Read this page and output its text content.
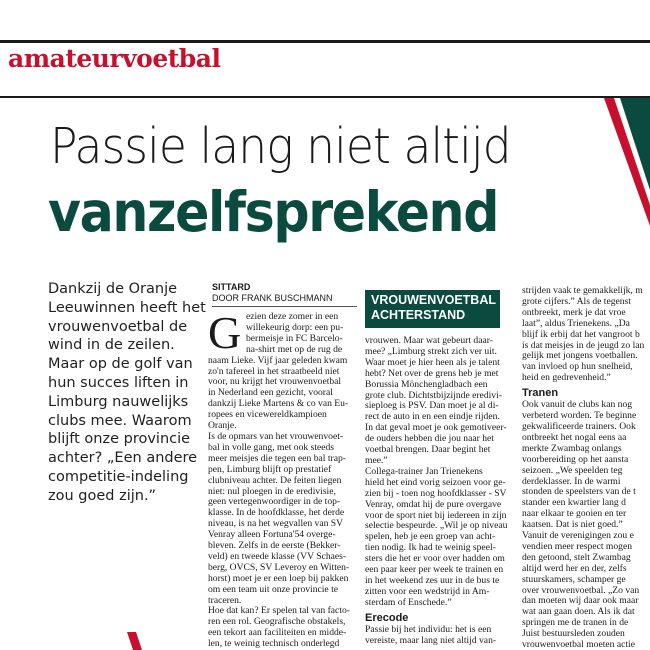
amateurvoetbal
Passie lang niet altijd
vanzelfsprekend
Dankzij de Oranje
Leeuwinnen heeft het
vrouwenvoetbal de
wind in de zeilen.
Maar op de golf van
hun succes liften in
Limburg nauwelijks
clubs mee. Waarom
blijft onze provincie
achter? „Een andere
competitie-indeling
zou goed zijn.”
SITTARD
DOOR FRANK BUSCHMANN
G ezien deze zomer in een
willekeurig dorp: een pu-
bermeisje in FC Barcelo-
na-shirt met op de rug de
naam Lieke. Vijf jaar geleden kwam
zo'n tafereel in het straatbeeld niet
voor, nu krijgt het vrouwenvoetbal
in Nederland een gezicht, vooral
dankzij Lieke Martens & co van Eu-
ropees en vicewereldkampioen
Oranje.
Is de opmars van het vrouwenvoet-
bal in volle gang, met ook steeds
meer meisjes die tegen een bal trap-
pen, Limburg blijft op prestatief
clubniveau achter. De feiten liegen
niet: nul ploegen in de eredivisie,
geen vertegenwoordiger in de top-
klasse. In de hoofdklasse, het derde
niveau, is na het wegvallen van SV
Venray alleen Fortuna'54 overge-
bleven. Zelfs in de eerste (Bekker-
veld) en tweede klasse (VV Schaes-
berg, OVCS, SV Leveroy en Witten-
horst) moet je er een loep bij pakken
om een team uit onze provincie te
traceren.
Hoe dat kan? Er spelen tal van facto-
ren een rol. Geografische obstakels,
een tekort aan faciliteiten en midde-
len, te weinig technisch onderlegd
VROUWENVOETBAL
ACHTERSTAND
vrouwen. Maar wat gebeurt daar-
mee? „Limburg strekt zich ver uit.
Waar moet je hier heen als je talent
hebt? Net over de grens heb je met
Borussia Mönchengladbach een
grote club. Dichtstbijzijnde eredivi-
sieploeg is PSV. Dan moet je al di-
rect de auto in en een eindje rijden.
In dat geval moet je ook gemotiveer-
de ouders hebben die jou naar het
voetbal brengen. Daar begint het
mee.”
Collega-trainer Jan Trienekens
hield het eind vorig seizoen voor ge-
zien bij - toen nog hoofdklasser - SV
Venray, omdat hij de pure overgave
voor de sport niet bij iedereen in zijn
selectie bespeurde. „Wil je op niveau
spelen, heb je een groep van acht-
tien nodig. Ik had te weinig speel-
sters die het er voor over hadden om
een paar keer per week te trainen en
in het weekend zes uur in de bus te
zitten voor een wedstrijd in Am-
sterdam of Enschede.”
Erecode
Passie bij het individu: het is een
vereiste, maar lang niet altijd van-
strijden vaak te gemakkelijk, m
grote cijfers.” Als de tegenst
ontbreekt, merk je dat vroe
laat”, aldus Trienekens. „Da
blijf ik erbij dat het vangroot b
is dat meisjes in de jeugd zo lan
gelijk met jongens voetballen.
van invloed op hun snelheid,
heid en gedrevenheid.”
Tranen
Ook vanuit de clubs kan nog
verbeterd worden. Te beginne
gekwalificeerde trainers. Ook
ontbreekt het nogal eens aa
merkte Zwambag onlangs
voorbereiding op het aansta
seizoen. „We speelden teg
derdeklasser. In de warmi
stonden de speelsters van de t
stander een kwartier lang d
naar elkaar te gooien en ter
kaatsen. Dat is niet goed.”
Vanuit de verenigingen zou e
vendien meer respect mogen
den getoond, stelt Zwambag
altijd werd her en der, zelfs
stuurskamers, schamper ge
over vrouwenvoetbal. „Zo van
dan moeten wij daar ook maar
wat aan gaan doen. Als ik dat
springen me de tranen in de
Juist bestuursleden zouden
vrouwenvoetbal moeten actie
